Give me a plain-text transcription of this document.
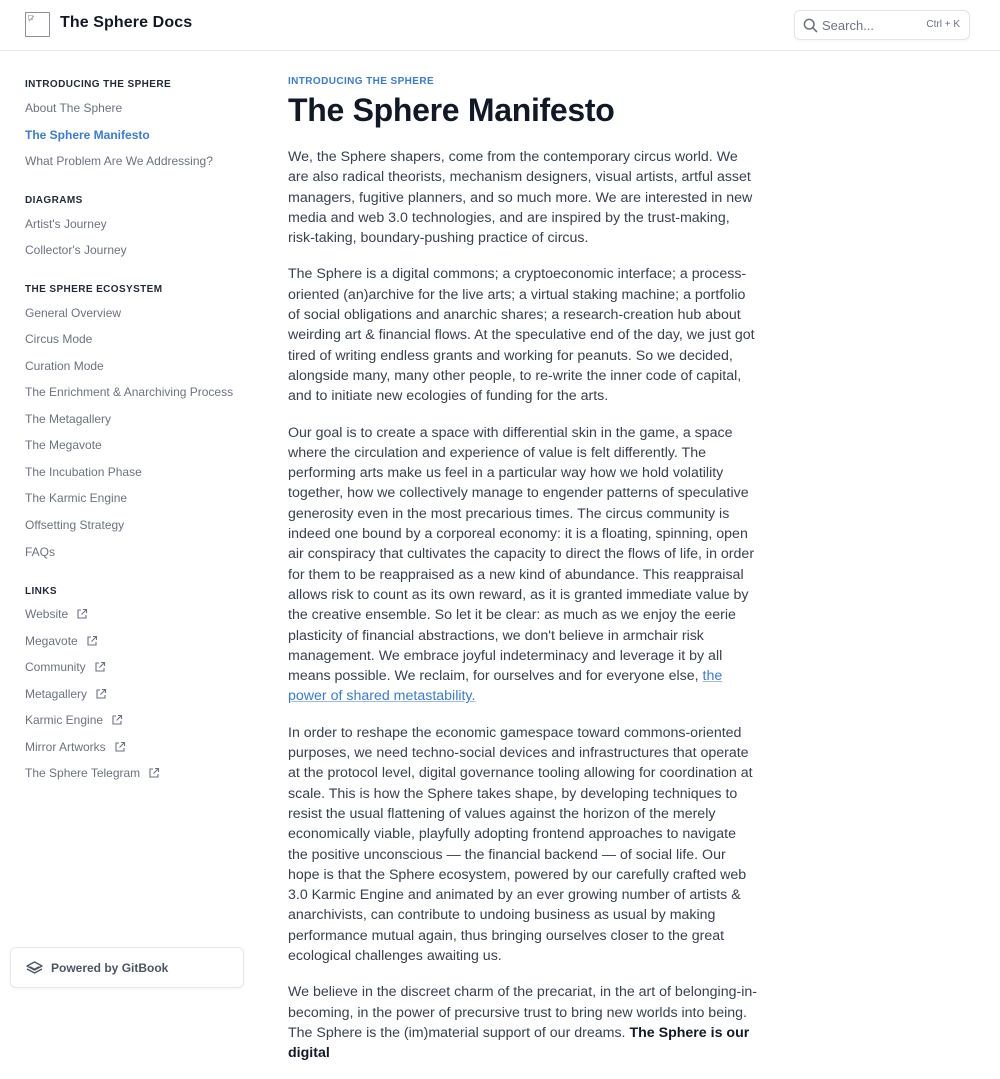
The Sphere Docs
Search...	Ctrl + K
INTRODUCING THE SPHERE
About The Sphere
The Sphere Manifesto
What Problem Are We Addressing?
DIAGRAMS
Artist's Journey
Collector's Journey
THE SPHERE ECOSYSTEM
General Overview
Circus Mode
Curation Mode
The Enrichment & Anarchiving Process
The Metagallery
The Megavote
The Incubation Phase
The Karmic Engine
Offsetting Strategy
FAQs
LINKS
Website
Megavote
Community
Metagallery
Karmic Engine
Mirror Artworks
The Sphere Telegram
Powered by GitBook
INTRODUCING THE SPHERE
The Sphere Manifesto

We, the Sphere shapers, come from the contemporary circus world. We are also radical theorists, mechanism designers, visual artists, artful asset managers, fugitive planners, and so much more. We are interested in new media and web 3.0 technologies, and are inspired by the trust-making, risk-taking, boundary-pushing practice of circus.

The Sphere is a digital commons; a cryptoeconomic interface; a process-oriented (an)archive for the live arts; a virtual staking machine; a portfolio of social obligations and anarchic shares; a research-creation hub about weirding art & financial flows. At the speculative end of the day, we just got tired of writing endless grants and working for peanuts. So we decided, alongside many, many other people, to re-write the inner code of capital, and to initiate new ecologies of funding for the arts.

Our goal is to create a space with differential skin in the game, a space where the circulation and experience of value is felt differently. The performing arts make us feel in a particular way how we hold volatility together, how we collectively manage to engender patterns of speculative generosity even in the most precarious times. The circus community is indeed one bound by a corporeal economy: it is a floating, spinning, open air conspiracy that cultivates the capacity to direct the flows of life, in order for them to be reappraised as a new kind of abundance. This reappraisal allows risk to count as its own reward, as it is granted immediate value by the creative ensemble. So let it be clear: as much as we enjoy the eerie plasticity of financial abstractions, we don't believe in armchair risk management. We embrace joyful indeterminacy and leverage it by all means possible. We reclaim, for ourselves and for everyone else, the power of shared metastability.

In order to reshape the economic gamespace toward commons-oriented purposes, we need techno-social devices and infrastructures that operate at the protocol level, digital governance tooling allowing for coordination at scale. This is how the Sphere takes shape, by developing techniques to resist the usual flattening of values against the horizon of the merely economically viable, playfully adopting frontend approaches to navigate the positive unconscious — the financial backend — of social life. Our hope is that the Sphere ecosystem, powered by our carefully crafted web 3.0 Karmic Engine and animated by an ever growing number of artists & anarchivists, can contribute to undoing business as usual by making performance mutual again, thus bringing ourselves closer to the great ecological challenges awaiting us.

We believe in the discreet charm of the precariat, in the art of belonging-in-becoming, in the power of precursive trust to bring new worlds into being. The Sphere is the (im)material support of our dreams. The Sphere is our digital
